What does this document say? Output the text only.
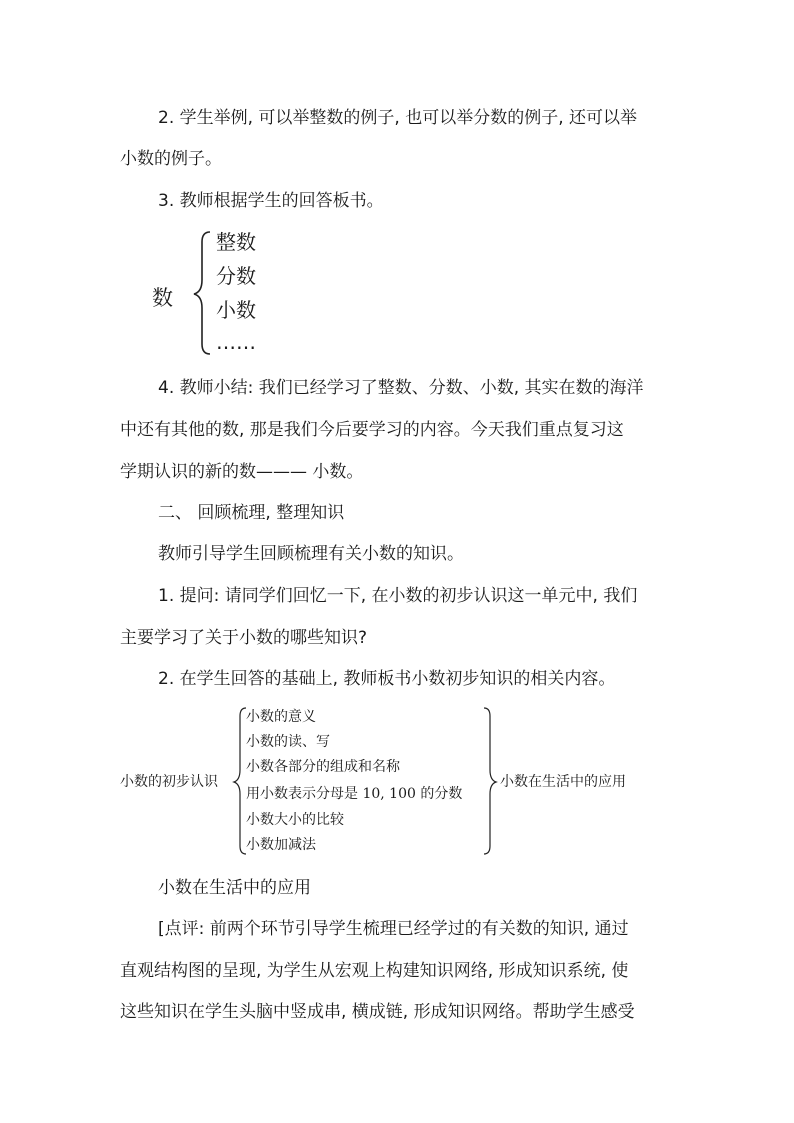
2. 学生举例, 可以举整数的例子, 也可以举分数的例子, 还可以举
小数的例子。
3. 教师根据学生的回答板书。
数
整数
分数
小数
……
4. 教师小结: 我们已经学习了整数、分数、小数, 其实在数的海洋
中还有其他的数, 那是我们今后要学习的内容。今天我们重点复习这
学期认识的新的数——— 小数。
二、 回顾梳理, 整理知识
教师引导学生回顾梳理有关小数的知识。
1. 提问: 请同学们回忆一下, 在小数的初步认识这一单元中, 我们
主要学习了关于小数的哪些知识?
2. 在学生回答的基础上, 教师板书小数初步知识的相关内容。
小数的初步认识
小数的意义
小数的读、写
小数各部分的组成和名称
用小数表示分母是 10, 100 的分数
小数大小的比较
小数加减法
小数在生活中的应用
小数在生活中的应用
[点评: 前两个环节引导学生梳理已经学过的有关数的知识, 通过
直观结构图的呈现, 为学生从宏观上构建知识网络, 形成知识系统, 使
这些知识在学生头脑中竖成串, 横成链, 形成知识网络。帮助学生感受
